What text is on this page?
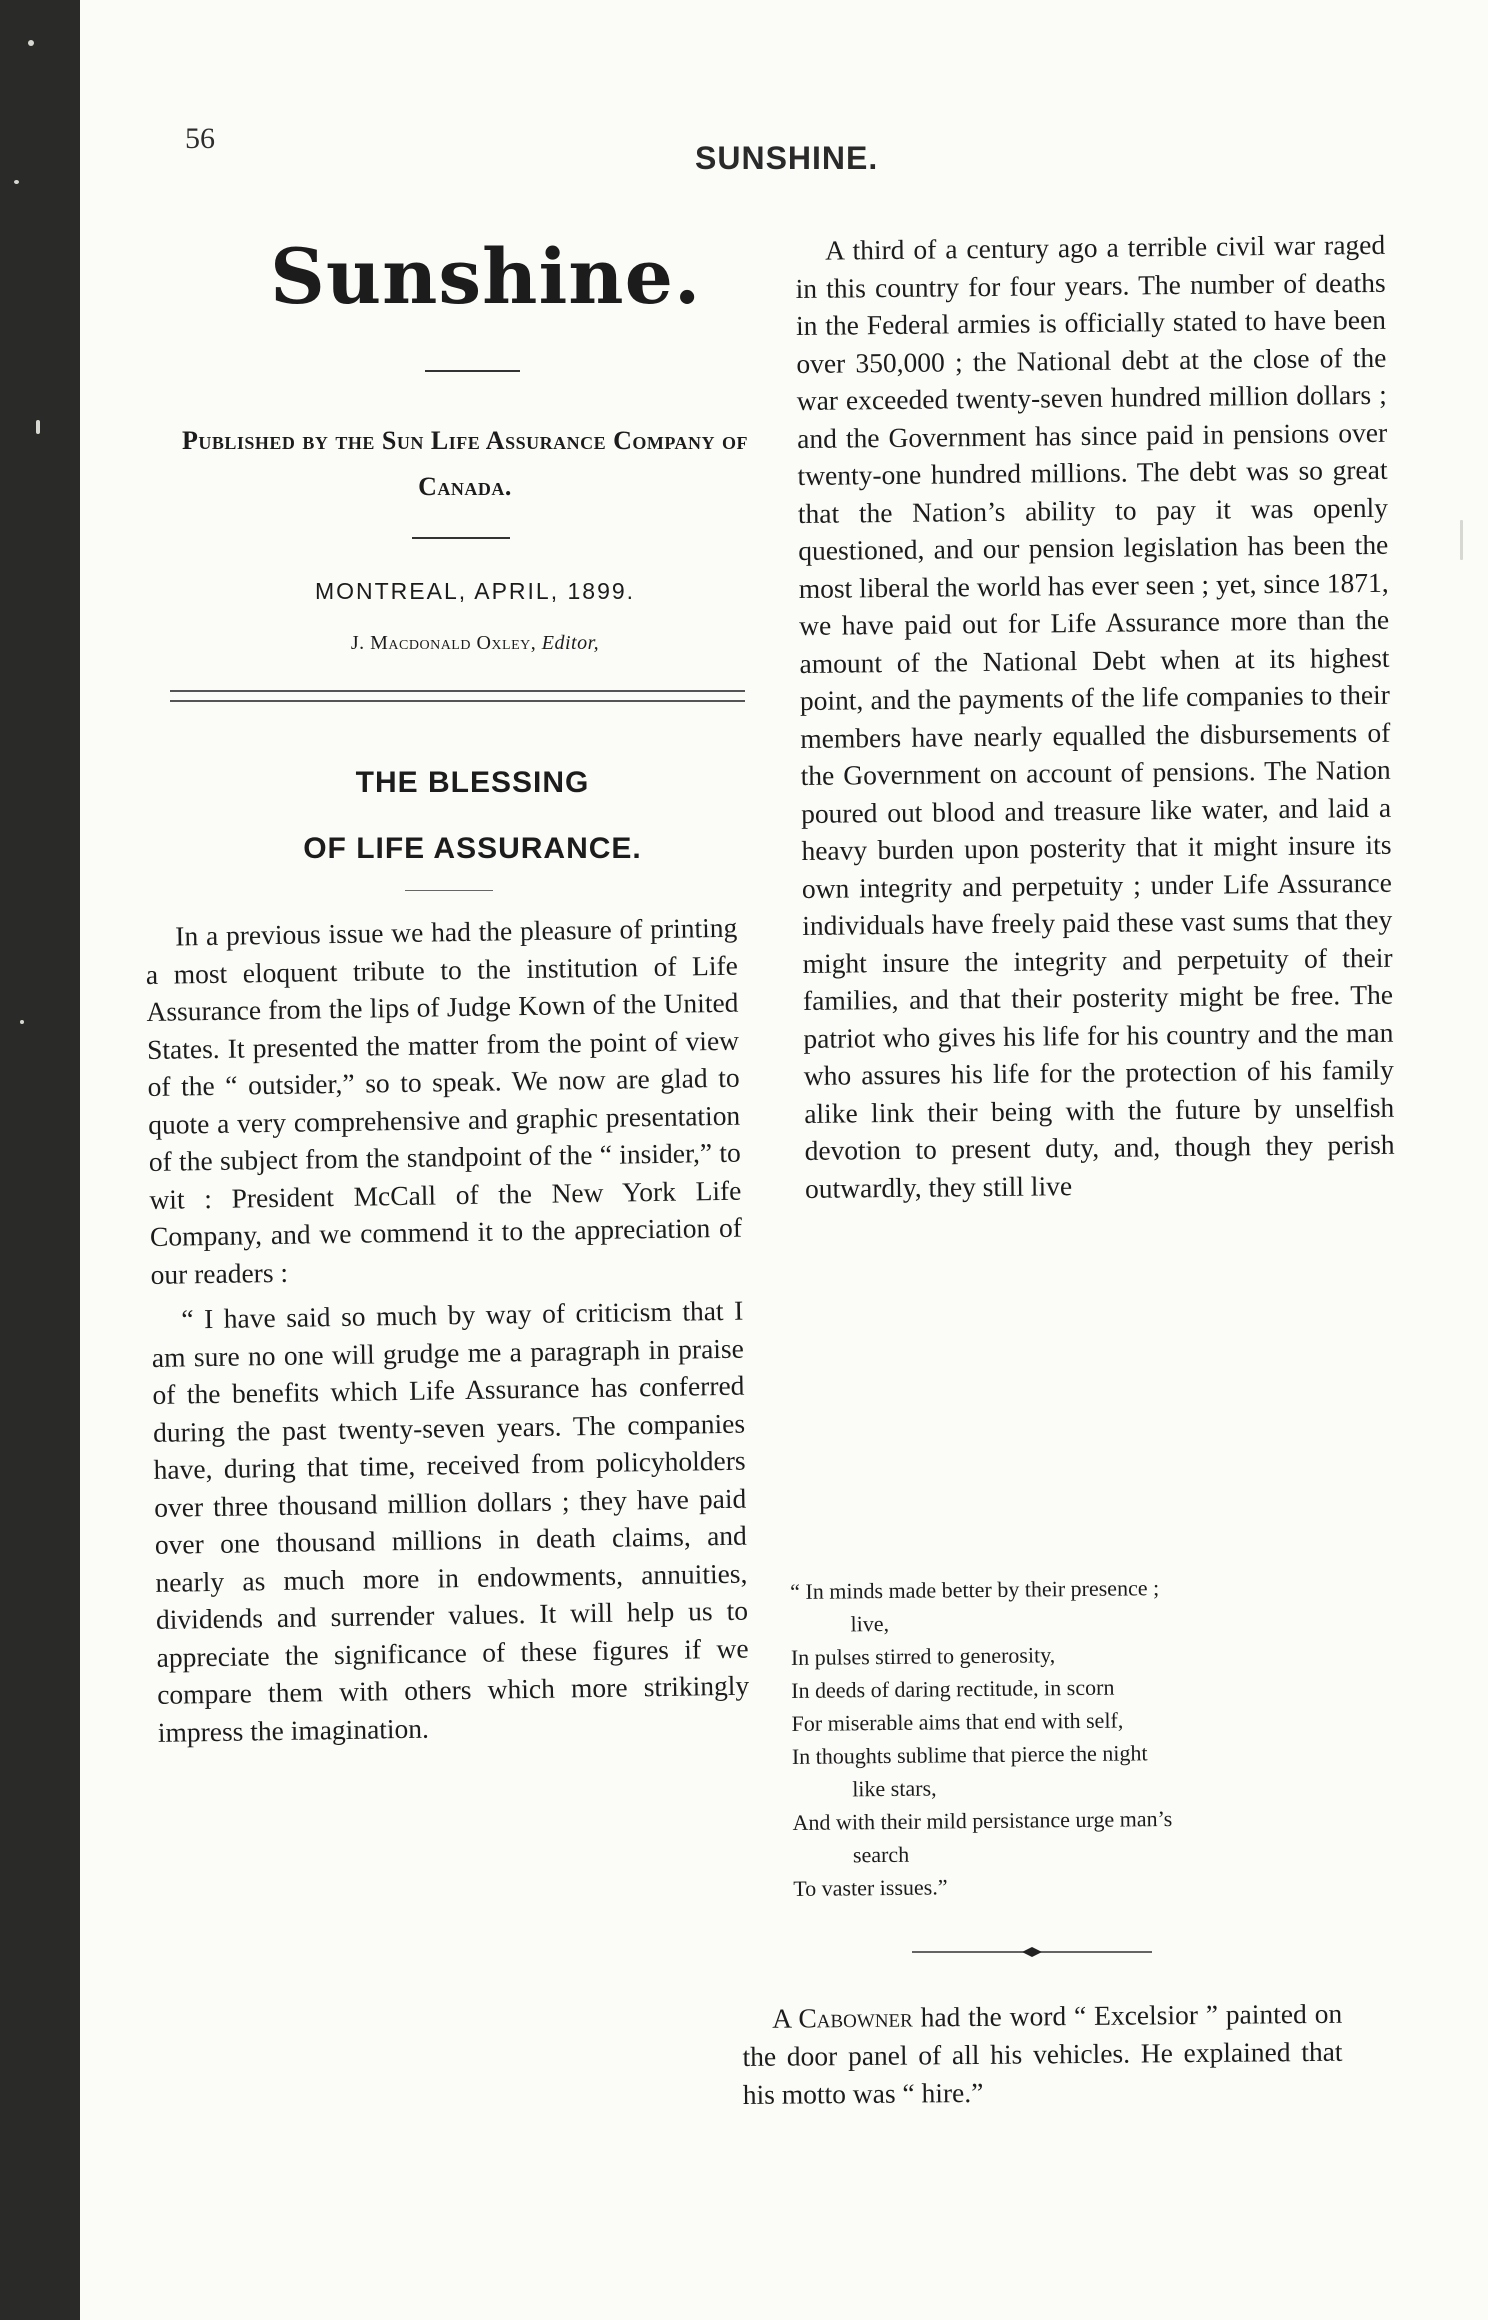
56
SUNSHINE.
Sunshine.
Published by the Sun Life Assurance Company of Canada.
MONTREAL, APRIL, 1899.
J. Macdonald Oxley, Editor,
THE BLESSING
OF LIFE ASSURANCE.

In a previous issue we had the pleasure of printing a most eloquent tribute to the institution of Life Assurance from the lips of Judge Kown of the United States. It presented the matter from the point of view of the “ outsider,” so to speak. We now are glad to quote a very comprehensive and graphic presentation of the subject from the standpoint of the “ insider,” to wit : President McCall of the New York Life Company, and we commend it to the appreciation of our readers :

“ I have said so much by way of criticism that I am sure no one will grudge me a paragraph in praise of the benefits which Life Assurance has conferred during the past twenty-seven years. The companies have, during that time, received from policyholders over three thousand million dollars ; they have paid over one thousand millions in death claims, and nearly as much more in endowments, annuities, dividends and surrender values. It will help us to appreciate the significance of these figures if we compare them with others which more strikingly impress the imagination.

A third of a century ago a terrible civil war raged in this country for four years. The number of deaths in the Federal armies is officially stated to have been over 350,000 ; the National debt at the close of the war exceeded twenty-seven hundred million dollars ; and the Government has since paid in pensions over twenty-one hundred millions. The debt was so great that the Nation’s ability to pay it was openly questioned, and our pension legislation has been the most liberal the world has ever seen ; yet, since 1871, we have paid out for Life Assurance more than the amount of the National Debt when at its highest point, and the payments of the life companies to their members have nearly equalled the disbursements of the Government on account of pensions. The Nation poured out blood and treasure like water, and laid a heavy burden upon posterity that it might insure its own integrity and perpetuity ; under Life Assurance individuals have freely paid these vast sums that they might insure the integrity and perpetuity of their families, and that their posterity might be free. The patriot who gives his life for his country and the man who assures his life for the protection of his family alike link their being with the future by unselfish devotion to present duty, and, though they perish outwardly, they still live

“ In minds made better by their presence ;
live,
In pulses stirred to generosity,
In deeds of daring rectitude, in scorn
For miserable aims that end with self,
In thoughts sublime that pierce the night
like stars,
And with their mild persistance urge man’s
search
To vaster issues.”

A Cabowner had the word “ Excelsior ” painted on the door panel of all his vehicles. He explained that his motto was “ hire.”
